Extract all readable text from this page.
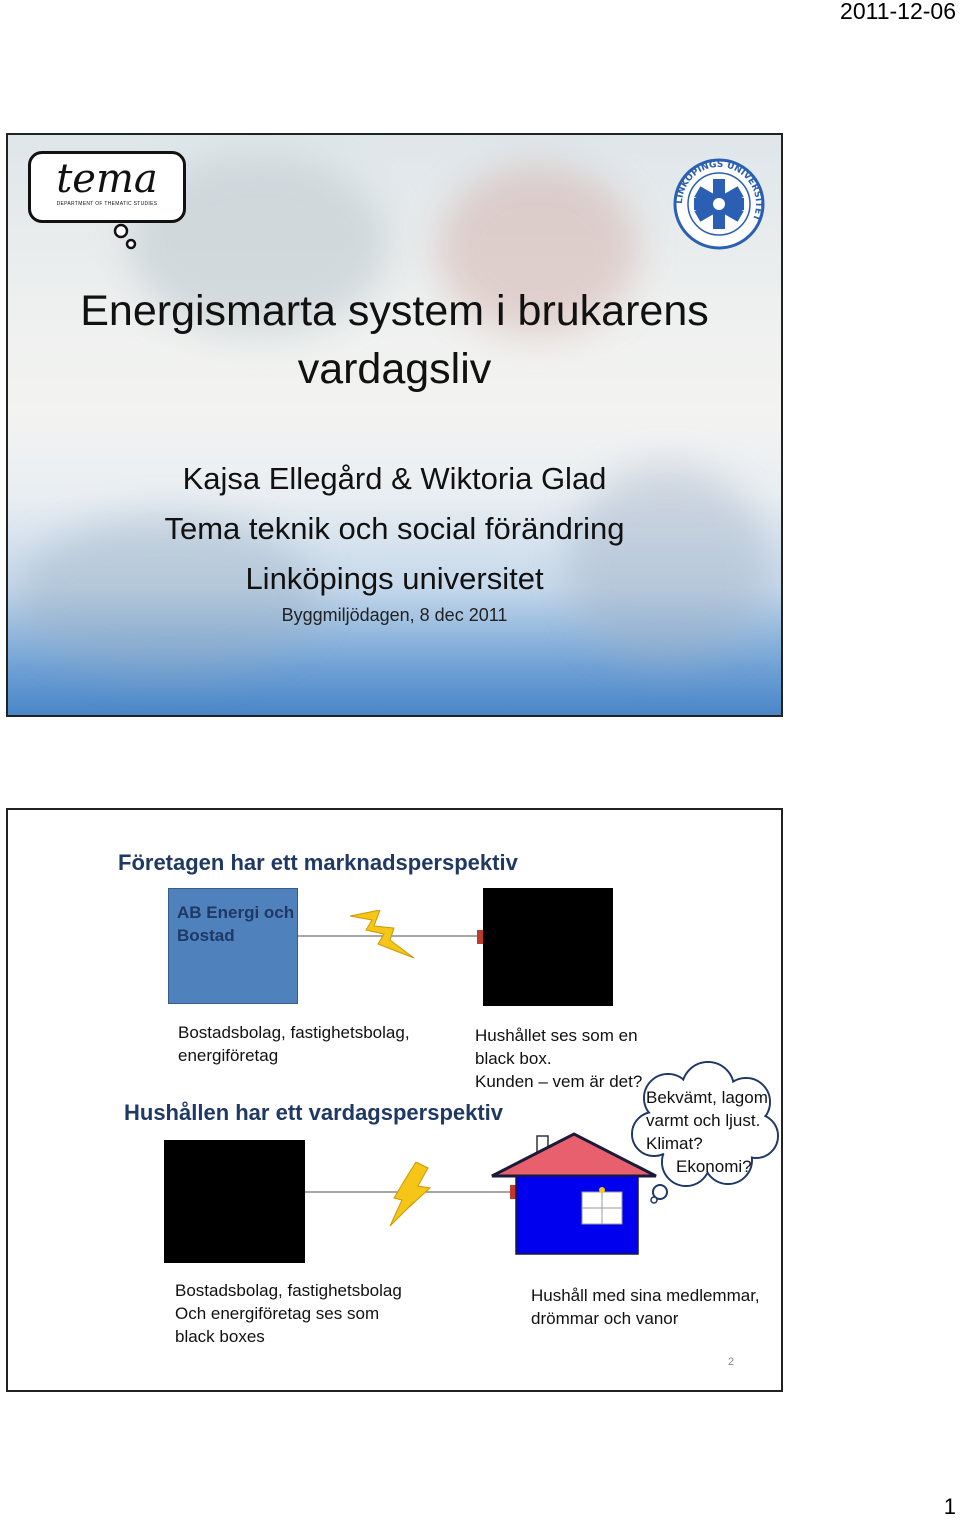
2011-12-06
tema
DEPARTMENT OF THEMATIC STUDIES	LINKÖPINGS UNIVERSITET
Energismarta system i brukarens
vardagsliv
Kajsa Ellegård & Wiktoria Glad
Tema teknik och social förändring
Linköpings universitet
Byggmiljödagen, 8 dec 2011
Företagen har ett marknadsperspektiv
AB Energi och
Bostad
Bostadsbolag, fastighetsbolag,
energiföretag
Hushållet ses som en
black box.
Kunden – vem är det?
Hushållen har ett vardagsperspektiv
Bekvämt, lagom
varmt och ljust.
Klimat?
Ekonomi?
Bostadsbolag, fastighetsbolag
Och energiföretag ses som
black boxes
Hushåll med sina medlemmar,
drömmar och vanor
2
1
